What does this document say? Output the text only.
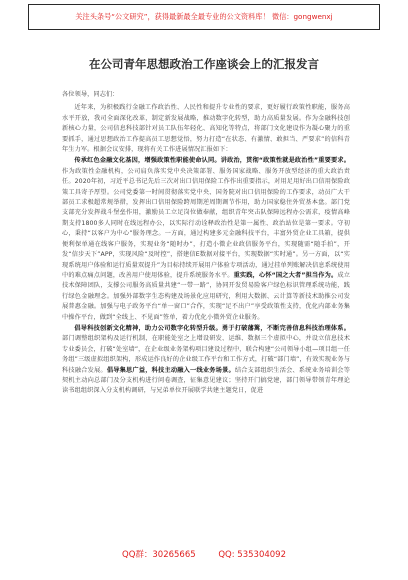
关注头条号“公文研究”，获得最新最全最专业的公文资料库！ 微信：gongwenxj
在公司青年思想政治工作座谈会上的汇报发言

各位领导，同志们：

近年来，为积极践行金融工作政治性、人民性和提升专业性的要求，更好履行政策性职能，服务高水平开放，我司全面深化改革，制定新发展战略，推动数字化转型，助力高质量发展。作为金融科技创新核心力量，公司信息科技部针对员工队伍年轻化、高知化等特点，将部门文化建设作为凝心聚力的重要抓手，通过思想政治工作提高员工思想觉悟，努力打造“在状态、有激情、敢担当、严要求”的信科青年生力军。根据会议安排，现将有关工作进展情况汇报如下：

传承红色金融文化基因，增强政策性职能使命认同。讲政治，贯彻“政策性就是政治性”重要要求。作为政策性金融机构，公司肩负落实党中央决策部署、服务国家战略、服务开放型经济的重大政治责任。2020年初，习近平总书记先后三次对出口信用保险工作作出重要指示，对用足用好出口信用保险政策工具寄予厚望。公司党委第一时间贯彻落实党中央、国务院对出口信用保险的工作要求，动员广大干部员工求极超常规举措，发挥出口信用保险跨周期逆周期调节作用，助力国家稳住外贸基本盘。部门党支部充分发挥战斗堡垒作用，激励员工立足岗位做奉献，组织青年突击队保障远程办公需求，疫情高峰期支持1800多人同时在线远程办公，以实际行动诠释政治性是第一属性、政治站位是第一要求。守初心，秉持“以客户为中心”服务理念。一方面，通过构建多元金融科技平台，丰富外贸企业工具箱，提供便利保单通在线客户服务，实现业务“随时办”，打造小微企业政信服务平台，实现随需“随手拍”，开发“信步天下”APP，实现风险“及时控”，搭建信E数据对接平台，实现数据“实时通”。另一方面，以“实现系统用户体验和运行质量双提升”为目标持续开展用户体验专项活动，通过挂单列账解决信息系统使用中的难点痛点问题，改善用户使用体验，提升系统服务水平。重实践，心怀“国之大者”担当作为。成立技术保障团队，支撑公司服务高质量共建“一带一路”，协同开发贸易险客户绿色标识管理系统功能，践行绿色金融理念。加强外部数字生态构建及场景化应用研究，利用大数据、云计算等新技术助推公司发展普惠金融。加强与电子政务平台“单一窗口”合作，实现“足不出户”享受政策性支持，优化内部业务集中操作平台，做到“全线上、不见面”签单，着力优化小微外贸企业服务。

倡导科技创新文化精神，助力公司数字化转型升级。勇于打破藩篱，不断完善信息科技治理体系。部门调整组织架构及运行机制，在职能处室之上增设研发、运维、数据三个虚拟中心，并设立信息技术专业委员会，打破“处室墙”，在企业级业务架构项目建设过程中，联合构建“公司领导小组—项目组一任务组”三级虚拟组织架构，形成运作良好的企业级工作平台和工作方式，打破“部门墙”，有效实现业务与科技融合发展。倡导集思广益，科技主动融入一线业务场景。结合支部组织生活会、系统业务培训会等契机主动向总部门及分支机构进行问卷调查，征集意见建议；坚持开门搞党建，部门领导带领青年理论读书组组织深入分支机构调研，与兄弟单位开展联学共建主题党日，促进

QQ群：30265665	QQ: 535304092
